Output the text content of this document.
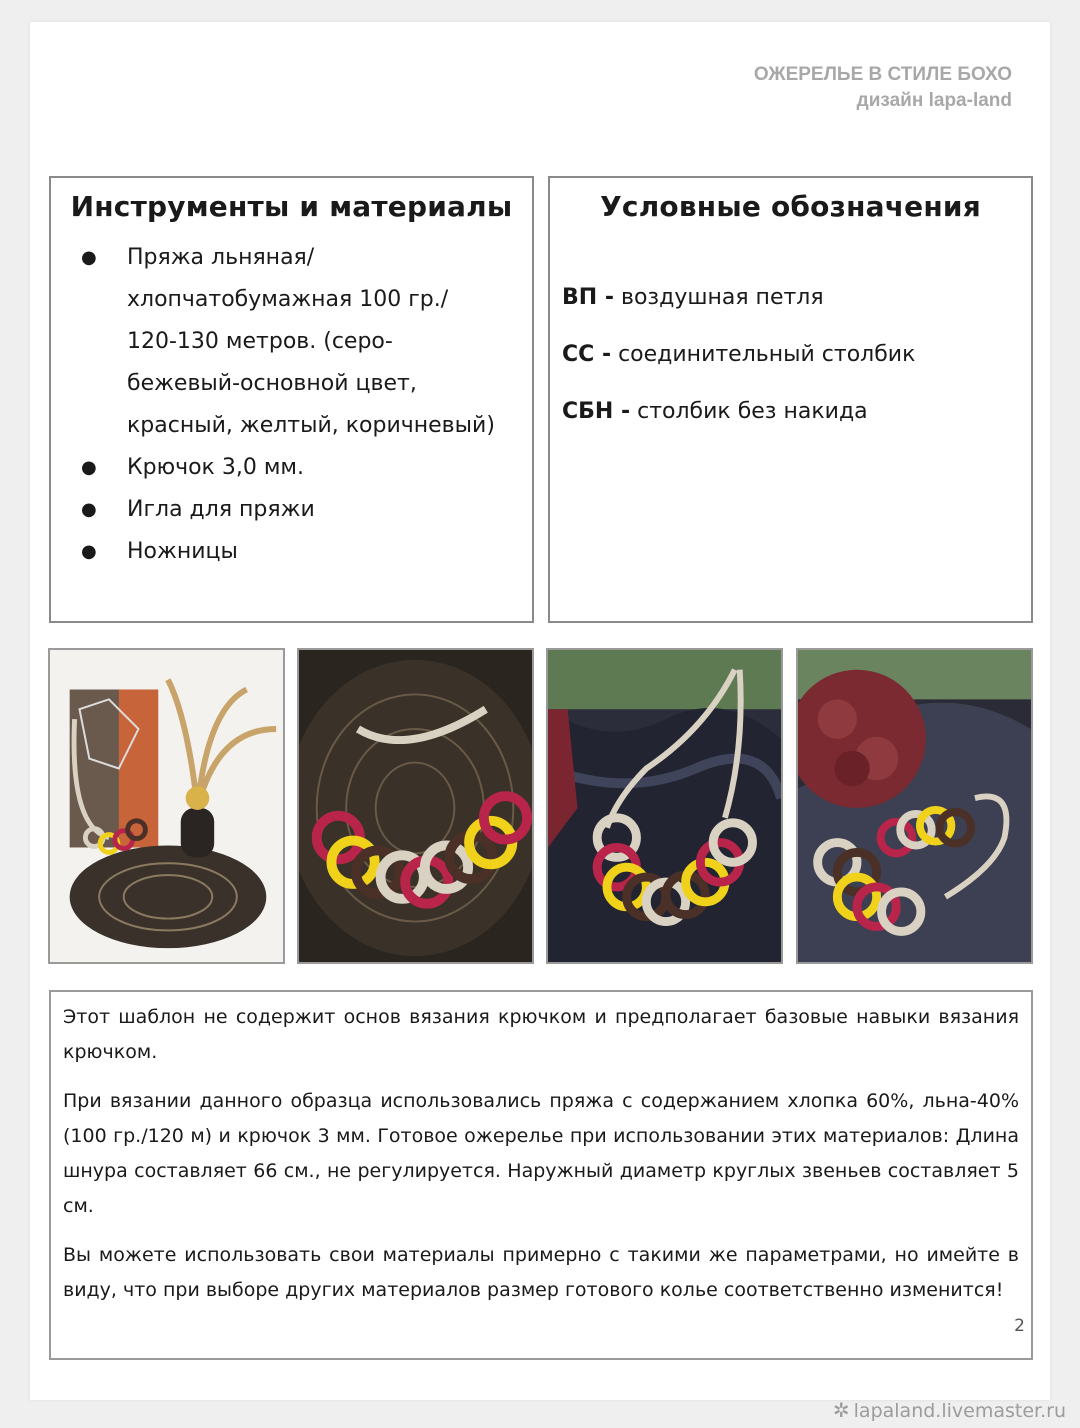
ОЖЕРЕЛЬЕ В СТИЛЕ БОХО
дизайн lapa-land
Инструменты и материалы
● Пряжа льняная/
хлопчатобумажная 100 гр./
120-130 метров. (серо-
бежевый-основной цвет,
красный, желтый, коричневый)
● Крючок 3,0 мм.
● Игла для пряжи
● Ножницы
Условные обозначения
ВП - воздушная петля
СС - соединительный столбик
СБН - столбик без накида

Этот шаблон не содержит основ вязания крючком и предполагает базовые навыки вязания крючком.

При вязании данного образца использовались пряжа с содержанием хлопка 60%, льна-40% (100 гр./120 м) и крючок 3 мм. Готовое ожерелье при использовании этих материалов: Длина шнура составляет 66 см., не регулируется. Наружный диаметр круглых звеньев составляет 5 см.

Вы можете использовать свои материалы примерно с такими же параметрами, но имейте в виду, что при выборе других материалов размер готового колье соответственно изменится!

2
✲ lapaland.livemaster.ru
